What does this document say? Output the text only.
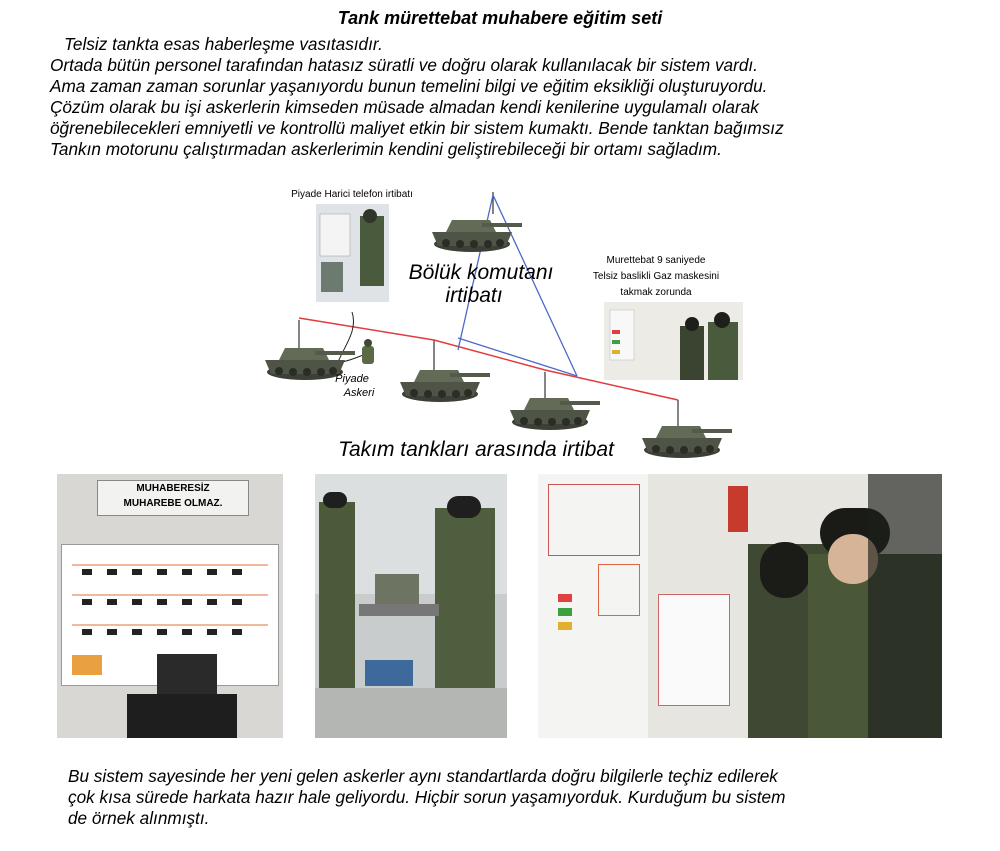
Tank mürettebat muhabere eğitim seti
Telsiz tankta esas haberleşme vasıtasıdır.
Ortada bütün personel tarafından hatasız süratli ve doğru olarak kullanılacak bir sistem vardı.
Ama zaman zaman sorunlar yaşanıyordu bunun temelini bilgi ve eğitim eksikliği oluşturuyordu.
Çözüm olarak bu işi askerlerin kimseden müsade almadan kendi kenilerine uygulamalı olarak
öğrenebilecekleri emniyetli ve kontrollü maliyet etkin bir sistem kumaktı. Bende tanktan bağımsız
Tankın motorunu çalıştırmadan askerlerimin kendini geliştirebileceği bir ortamı sağladım.
Piyade Harici telefon irtibatı
Bölük komutanı
irtibatı
Murettebat 9 saniyede
Telsiz baslikli Gaz maskesini
takmak zorunda
Piyade
Askeri
Takım tankları arasında irtibat
MUHABERESİZ
MUHAREBE OLMAZ.
Bu sistem sayesinde her yeni gelen askerler aynı standartlarda doğru bilgilerle teçhiz edilerek
çok kısa sürede harkata hazır hale geliyordu. Hiçbir sorun yaşamıyorduk. Kurduğum bu sistem
de örnek alınmıştı.
